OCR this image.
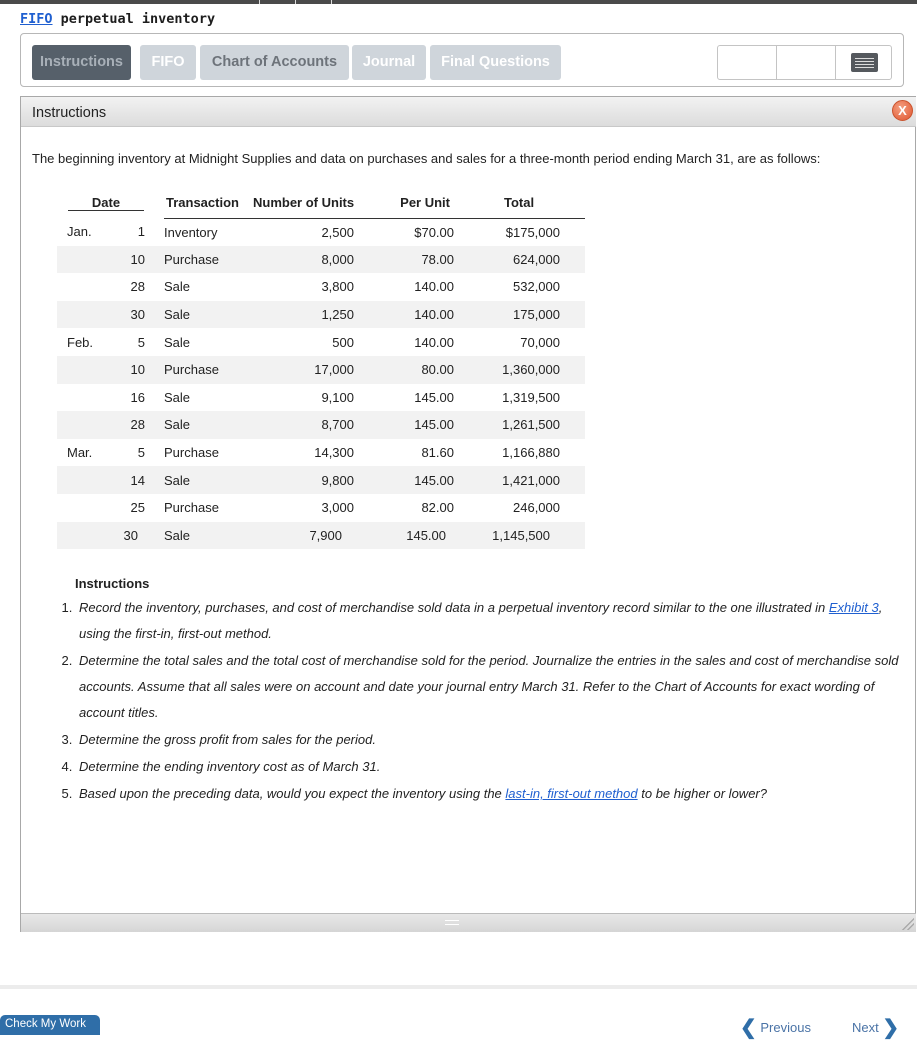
FIFO perpetual inventory
Instructions	FIFO	Chart of Accounts	Journal	Final Questions
Instructions	X
The beginning inventory at Midnight Supplies and data on purchases and sales for a three-month period ending March 31, are as follows:
Date			Transaction	Number of Units		Per Unit	Total	
Jan.	1		Inventory	2,500		$70.00	$175,000	
	10		Purchase	8,000		78.00	624,000	
	28		Sale	3,800		140.00	532,000	
	30		Sale	1,250		140.00	175,000	
Feb.	5		Sale	500		140.00	70,000	
	10		Purchase	17,000		80.00	1,360,000	
	16		Sale	9,100		145.00	1,319,500	
	28		Sale	8,700		145.00	1,261,500	
Mar.	5		Purchase	14,300		81.60	1,166,880	
	14		Sale	9,800		145.00	1,421,000	
	25		Purchase	3,000		82.00	246,000	
	30		Sale	7,900		145.00	1,145,500	
Instructions
1. Record the inventory, purchases, and cost of merchandise sold data in a perpetual inventory record similar to the one illustrated in Exhibit 3, using the first-in, first-out method.
2. Determine the total sales and the total cost of merchandise sold for the period. Journalize the entries in the sales and cost of merchandise sold accounts. Assume that all sales were on account and date your journal entry March 31. Refer to the Chart of Accounts for exact wording of account titles.
3. Determine the gross profit from sales for the period.
4. Determine the ending inventory cost as of March 31.
5. Based upon the preceding data, would you expect the inventory using the last-in, first-out method to be higher or lower?
Check My Work	❮ Previous	Next ❯
